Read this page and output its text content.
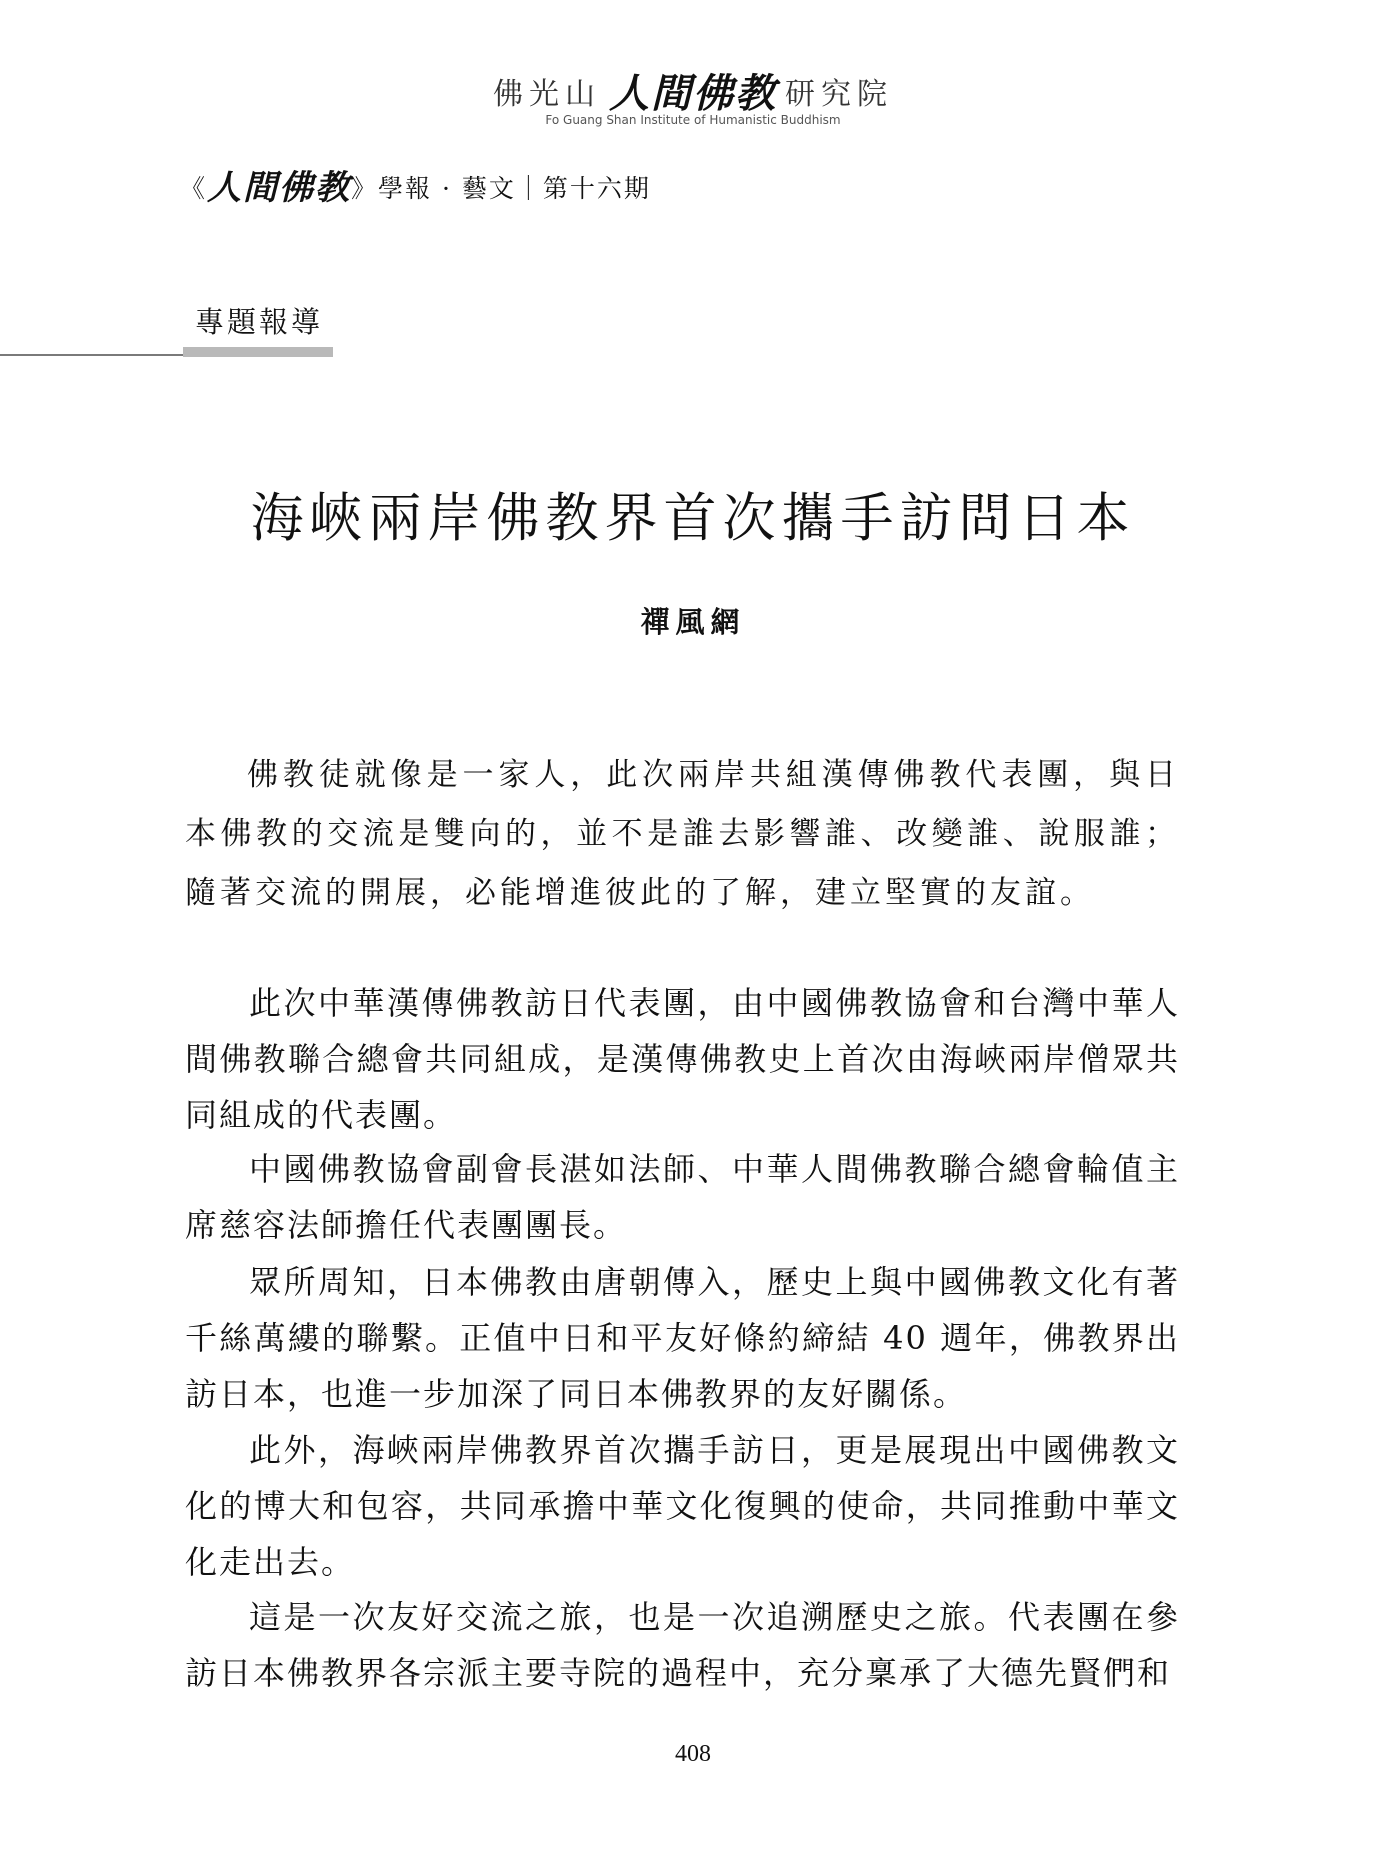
佛光山 人間佛教 研究院
Fo Guang Shan Institute of Humanistic Buddhism
《人間佛教》學報 · 藝文｜第十六期
專題報導
海峽兩岸佛教界首次攜手訪問日本
禪風網

佛教徒就像是一家人，此次兩岸共組漢傳佛教代表團，與日本佛教的交流是雙向的，並不是誰去影響誰、改變誰、說服誰；隨著交流的開展，必能增進彼此的了解，建立堅實的友誼。

此次中華漢傳佛教訪日代表團，由中國佛教協會和台灣中華人間佛教聯合總會共同組成，是漢傳佛教史上首次由海峽兩岸僧眾共同組成的代表團。

中國佛教協會副會長湛如法師、中華人間佛教聯合總會輪值主席慈容法師擔任代表團團長。

眾所周知，日本佛教由唐朝傳入，歷史上與中國佛教文化有著千絲萬縷的聯繫。正值中日和平友好條約締結 40 週年，佛教界出訪日本，也進一步加深了同日本佛教界的友好關係。

此外，海峽兩岸佛教界首次攜手訪日，更是展現出中國佛教文化的博大和包容，共同承擔中華文化復興的使命，共同推動中華文化走出去。

這是一次友好交流之旅，也是一次追溯歷史之旅。代表團在參訪日本佛教界各宗派主要寺院的過程中，充分稟承了大德先賢們和

408
